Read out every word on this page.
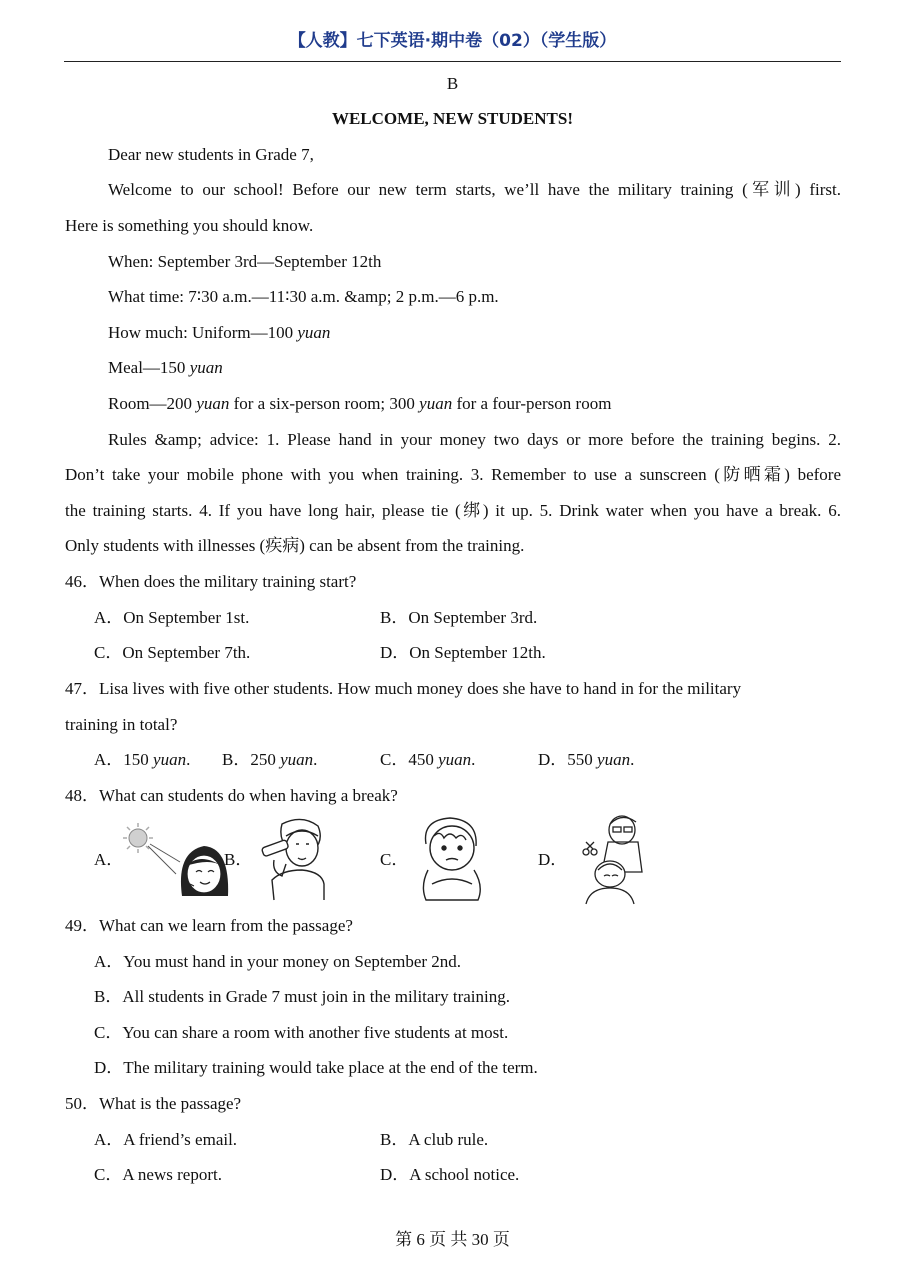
【人教】七下英语·期中卷（02）（学生版）
B
WELCOME, NEW STUDENTS!
Dear new students in Grade 7,
Welcome to our school! Before our new term starts, we’ll have the military training (军训) first.
Here is something you should know.
When: September 3rd—September 12th
What time: 7∶30 a.m.—11∶30 a.m. &amp; 2 p.m.—6 p.m.
How much: Uniform—100 yuan
Meal—150 yuan
Room—200 yuan for a six-person room; 300 yuan for a four-person room
Rules &amp; advice: 1. Please hand in your money two days or more before the training begins. 2.
Don’t take your mobile phone with you when training. 3. Remember to use a sunscreen (防晒霜) before
the training starts. 4. If you have long hair, please tie (绑) it up. 5. Drink water when you have a break. 6.
Only students with illnesses (疾病) can be absent from the training.
46．When does the military training start?
A．On September 1st.	B．On September 3rd.
C．On September 7th.	D．On September 12th.
47．Lisa lives with five other students. How much money does she have to hand in for the military
training in total?
A．150 yuan. B．250 yuan.	C．450 yuan.	D．550 yuan.
48．What can students do when having a break?
A．	B．	C．	D．
49．What can we learn from the passage?
A．You must hand in your money on September 2nd.
B．All students in Grade 7 must join in the military training.
C．You can share a room with another five students at most.
D．The military training would take place at the end of the term.
50．What is the passage?
A．A friend’s email.	B．A club rule.
C．A news report.	D．A school notice.
第 6 页 共 30 页
